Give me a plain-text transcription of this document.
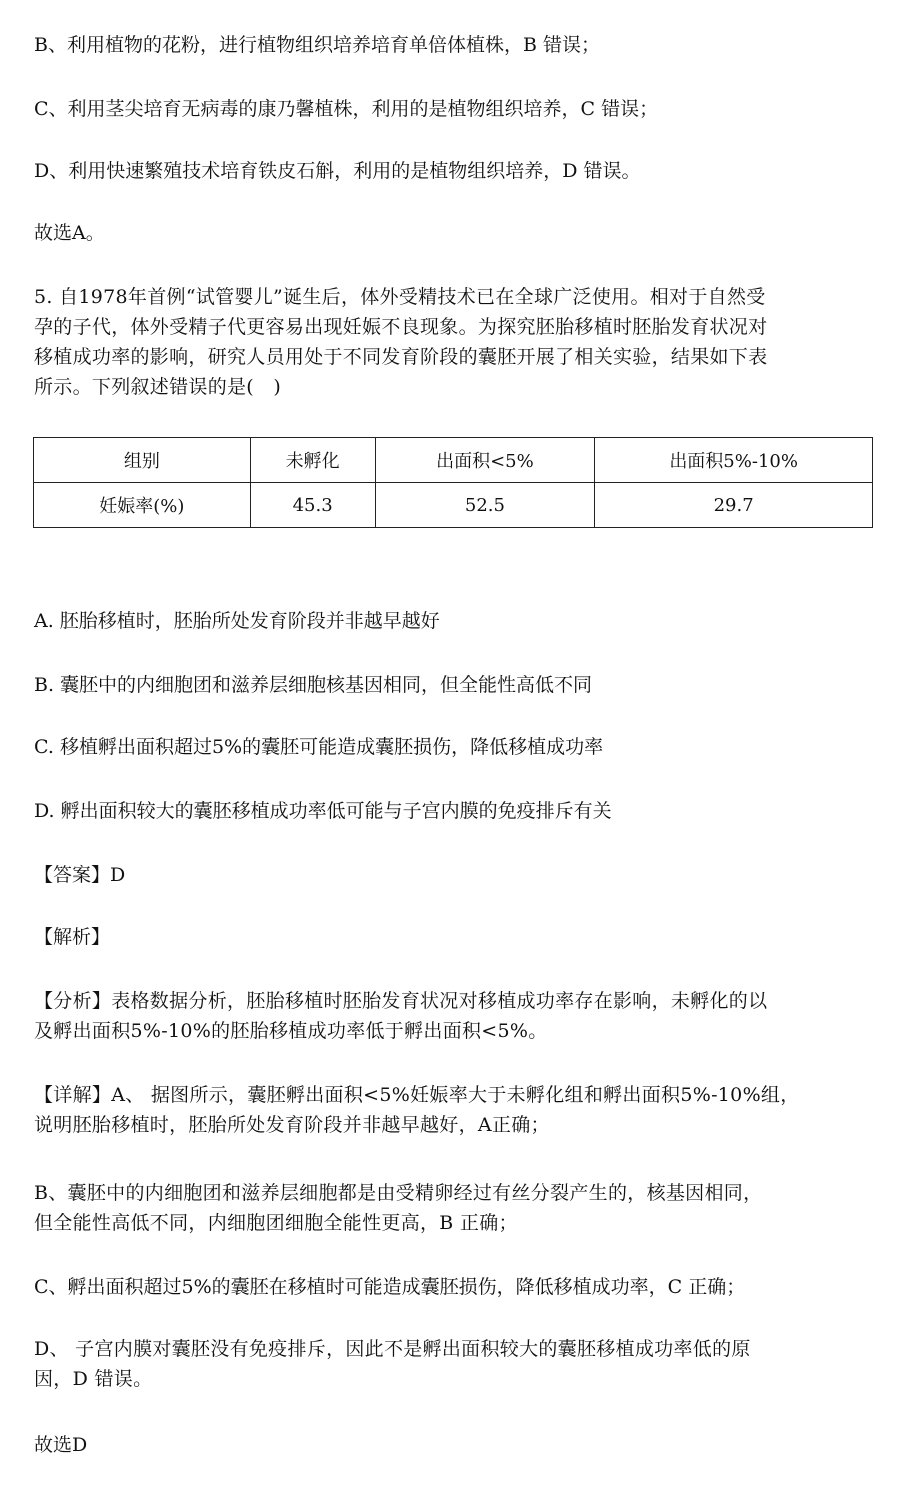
B、利用植物的花粉，进行植物组织培养培育单倍体植株，B 错误；
C、利用茎尖培育无病毒的康乃馨植株，利用的是植物组织培养，C 错误；
D、利用快速繁殖技术培育铁皮石斛，利用的是植物组织培养，D 错误。
故选A。
5. 自1978年首例“试管婴儿”诞生后，体外受精技术已在全球广泛使用。相对于自然受
孕的子代，体外受精子代更容易出现妊娠不良现象。为探究胚胎移植时胚胎发育状况对
移植成功率的影响，研究人员用处于不同发育阶段的囊胚开展了相关实验，结果如下表
所示。下列叙述错误的是(　)
组别	未孵化	出面积<5%	出面积5%-10%
妊娠率(%)	45.3	52.5	29.7
A. 胚胎移植时，胚胎所处发育阶段并非越早越好
B. 囊胚中的内细胞团和滋养层细胞核基因相同，但全能性高低不同
C. 移植孵出面积超过5%的囊胚可能造成囊胚损伤，降低移植成功率
D. 孵出面积较大的囊胚移植成功率低可能与子宫内膜的免疫排斥有关
【答案】D
【解析】
【分析】表格数据分析，胚胎移植时胚胎发育状况对移植成功率存在影响，未孵化的以
及孵出面积5%-10%的胚胎移植成功率低于孵出面积<5%。
【详解】A、 据图所示，囊胚孵出面积<5%妊娠率大于未孵化组和孵出面积5%-10%组，
说明胚胎移植时，胚胎所处发育阶段并非越早越好，A正确；
B、囊胚中的内细胞团和滋养层细胞都是由受精卵经过有丝分裂产生的，核基因相同，
但全能性高低不同，内细胞团细胞全能性更高，B 正确；
C、孵出面积超过5%的囊胚在移植时可能造成囊胚损伤，降低移植成功率，C 正确；
D、 子宫内膜对囊胚没有免疫排斥，因此不是孵出面积较大的囊胚移植成功率低的原
因，D 错误。
故选D
